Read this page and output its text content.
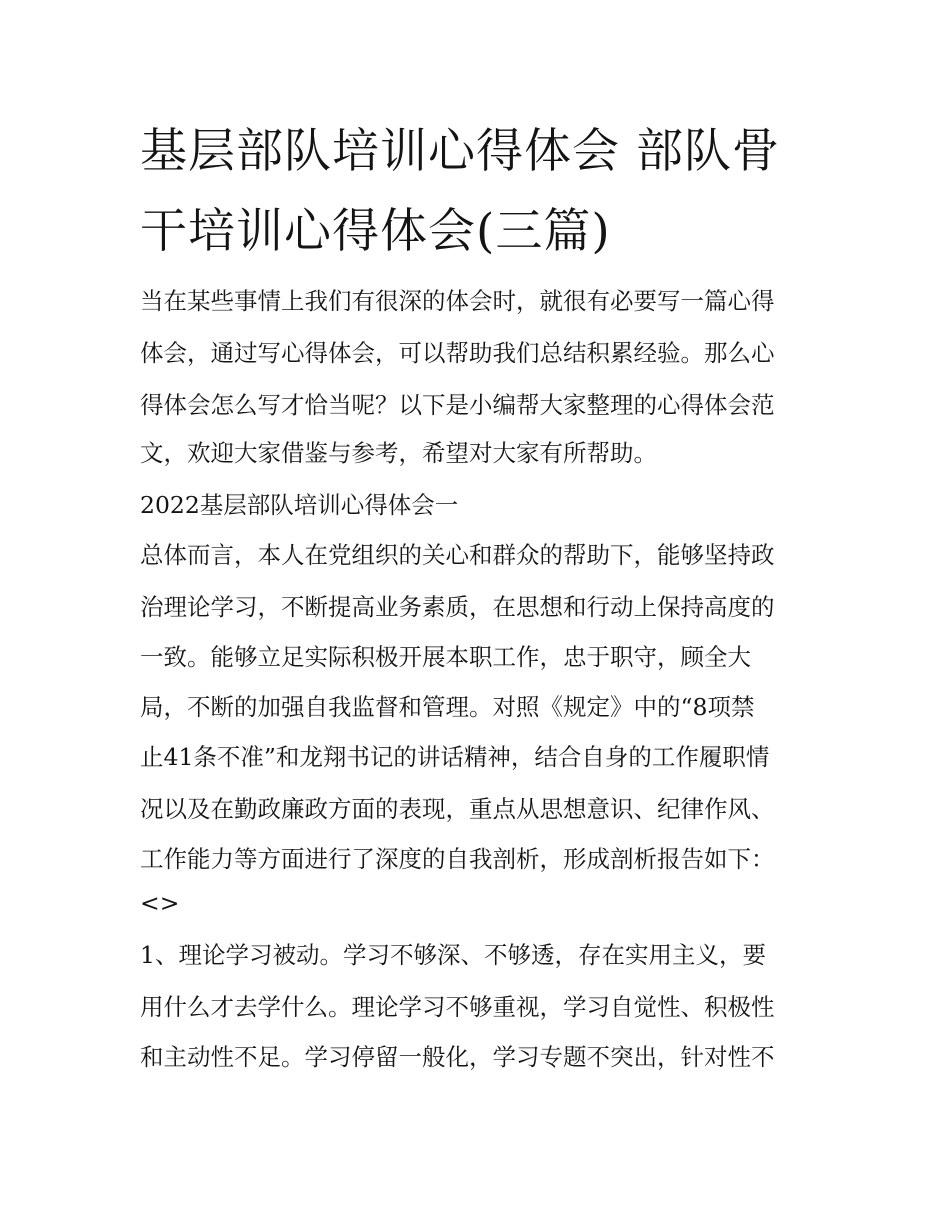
基层部队培训心得体会 部队骨干培训心得体会(三篇)

当在某些事情上我们有很深的体会时，就很有必要写一篇心得

体会，通过写心得体会，可以帮助我们总结积累经验。那么心

得体会怎么写才恰当呢？以下是小编帮大家整理的心得体会范

文，欢迎大家借鉴与参考，希望对大家有所帮助。

2022基层部队培训心得体会一

总体而言，本人在党组织的关心和群众的帮助下，能够坚持政

治理论学习，不断提高业务素质，在思想和行动上保持高度的

一致。能够立足实际积极开展本职工作，忠于职守，顾全大

局，不断的加强自我监督和管理。对照《规定》中的“8项禁

止41条不准”和龙翔书记的讲话精神，结合自身的工作履职情

况以及在勤政廉政方面的表现，重点从思想意识、纪律作风、

工作能力等方面进行了深度的自我剖析，形成剖析报告如下：

<>

1、理论学习被动。学习不够深、不够透，存在实用主义，要

用什么才去学什么。理论学习不够重视，学习自觉性、积极性

和主动性不足。学习停留一般化，学习专题不突出，针对性不
